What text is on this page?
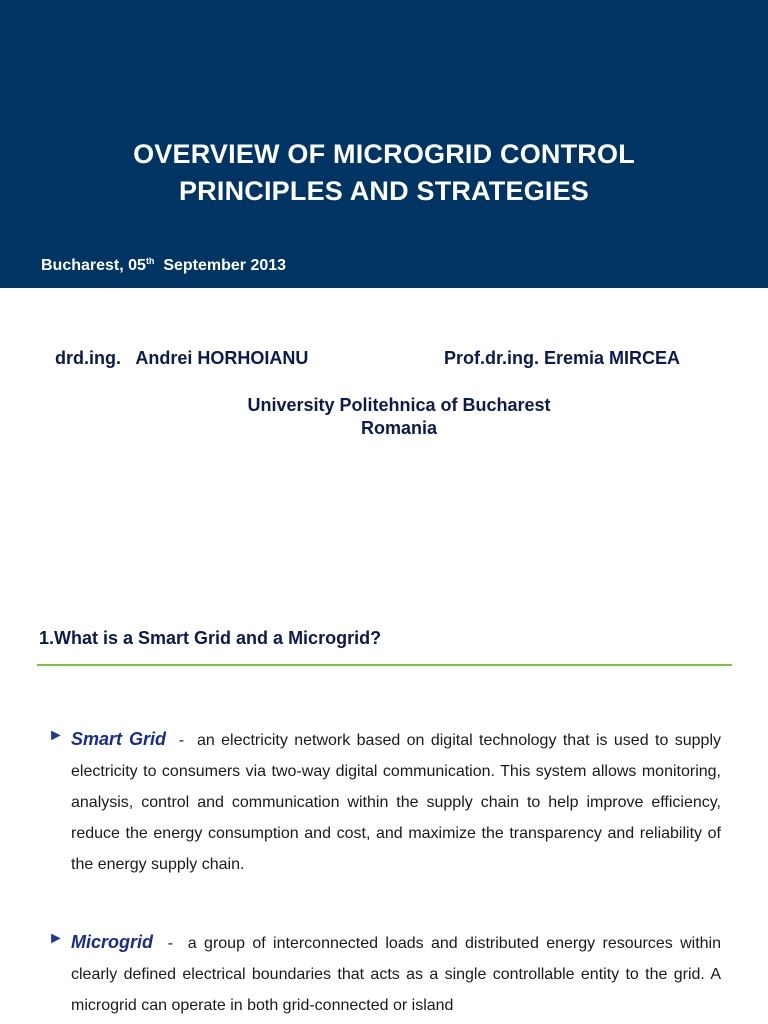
OVERVIEW OF MICROGRID CONTROL
PRINCIPLES AND STRATEGIES
Bucharest, 05th  September 2013
drd.ing.   Andrei HORHOIANU	Prof.dr.ing. Eremia MIRCEA
University Politehnica of Bucharest
Romania
1.What is a Smart Grid and a Microgrid?
► Smart Grid  -  an electricity network based on digital technology that is used to supply electricity to consumers via two-way digital communication. This system allows monitoring, analysis, control and communication within the supply chain to help improve efficiency, reduce the energy consumption and cost, and maximize the transparency and reliability of the energy supply chain.
► Microgrid  -  a group of interconnected loads and distributed energy resources within clearly defined electrical boundaries that acts as a single controllable entity to the grid. A microgrid can operate in both grid-connected or island
